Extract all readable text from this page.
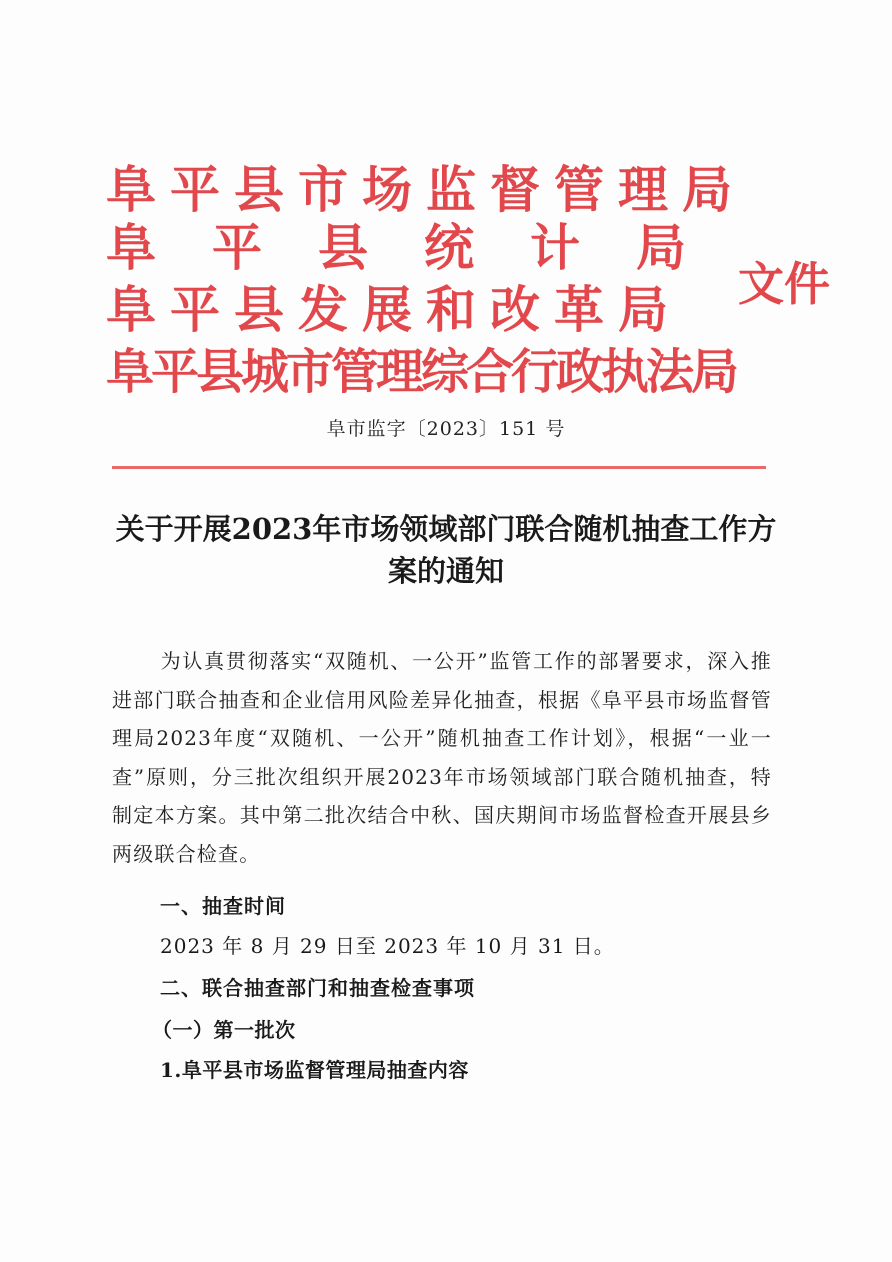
阜平县市场监督管理局
阜平县统计局
阜平县发展和改革局
阜平县城市管理综合行政执法局
文件
阜市监字〔2023〕151 号
关于开展2023年市场领域部门联合随机抽查工作方案的通知
为认真贯彻落实“双随机、一公开”监管工作的部署要求，深入推进部门联合抽查和企业信用风险差异化抽查，根据《阜平县市场监督管理局2023年度“双随机、一公开”随机抽查工作计划》，根据“一业一查”原则，分三批次组织开展2023年市场领域部门联合随机抽查，特制定本方案。其中第二批次结合中秋、国庆期间市场监督检查开展县乡两级联合检查。
一、抽查时间
2023 年 8 月 29 日至 2023 年 10 月 31 日。
二、联合抽查部门和抽查检查事项
（一）第一批次
1.阜平县市场监督管理局抽查内容
